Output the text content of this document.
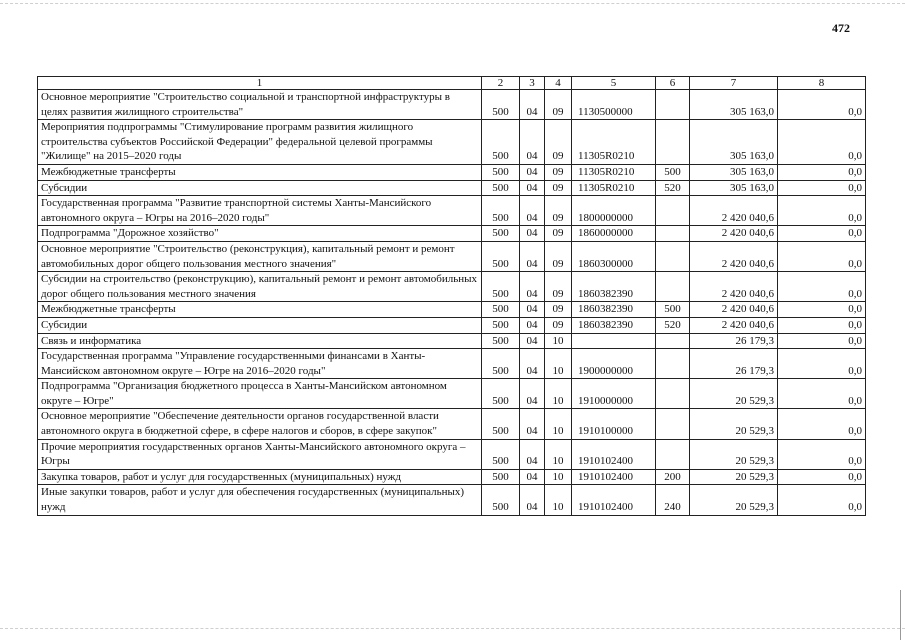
472
1	2	3	4	5	6	7	8
Основное мероприятие "Строительство социальной и транспортной инфраструктуры в целях развития жилищного строительства"	500	04	09	1130500000		305 163,0	0,0
Мероприятия подпрограммы "Стимулирование программ развития жилищного строительства субъектов Российской Федерации" федеральной целевой программы "Жилище" на 2015–2020 годы	500	04	09	11305R0210		305 163,0	0,0
Межбюджетные трансферты	500	04	09	11305R0210	500	305 163,0	0,0
Субсидии	500	04	09	11305R0210	520	305 163,0	0,0
Государственная программа "Развитие транспортной системы Ханты-Мансийского автономного округа – Югры на 2016–2020 годы"	500	04	09	1800000000		2 420 040,6	0,0
Подпрограмма "Дорожное хозяйство"	500	04	09	1860000000		2 420 040,6	0,0
Основное мероприятие "Строительство (реконструкция), капитальный ремонт и ремонт автомобильных дорог общего пользования местного значения"	500	04	09	1860300000		2 420 040,6	0,0
Субсидии на строительство (реконструкцию), капитальный ремонт и ремонт автомобильных дорог общего пользования местного значения	500	04	09	1860382390		2 420 040,6	0,0
Межбюджетные трансферты	500	04	09	1860382390	500	2 420 040,6	0,0
Субсидии	500	04	09	1860382390	520	2 420 040,6	0,0
Связь и информатика	500	04	10			26 179,3	0,0
Государственная программа "Управление государственными финансами в Ханты-Мансийском автономном округе – Югре на 2016–2020 годы"	500	04	10	1900000000		26 179,3	0,0
Подпрограмма "Организация бюджетного процесса в Ханты-Мансийском автономном округе – Югре"	500	04	10	1910000000		20 529,3	0,0
Основное мероприятие "Обеспечение деятельности органов государственной власти автономного округа в бюджетной сфере, в сфере налогов и сборов, в сфере закупок"	500	04	10	1910100000		20 529,3	0,0
Прочие мероприятия государственных органов Ханты-Мансийского автономного округа – Югры	500	04	10	1910102400		20 529,3	0,0
Закупка товаров, работ и услуг для государственных (муниципальных) нужд	500	04	10	1910102400	200	20 529,3	0,0
Иные закупки товаров, работ и услуг для обеспечения государственных (муниципальных) нужд	500	04	10	1910102400	240	20 529,3	0,0
